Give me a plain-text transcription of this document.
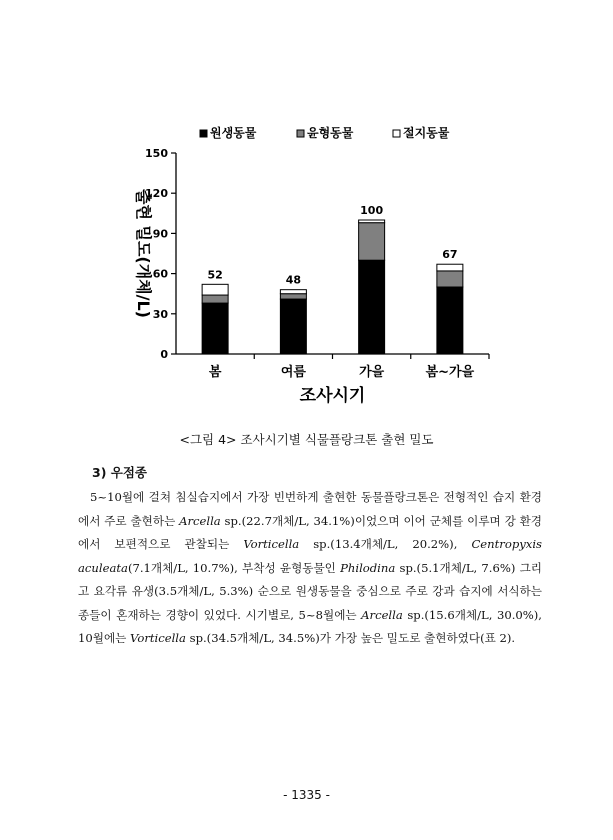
0
30
60
90
120
150
52
봄
48
여름
100
가을
67
봄~가을
조사시기
출현 밀도(개체/L)
원생동물	윤형동물	절지동물
<그림 4> 조사시기별 식물플랑크톤 출현 밀도
3) 우점종
5~10월에 걸쳐 침실습지에서 가장 빈번하게 출현한 동물플랑크톤은 전형적인 습지 환경에서 주로 출현하는 Arcella sp.(22.7개체/L, 34.1%)이었으며 이어 군체를 이루며 강 환경에서 보편적으로 관찰되는 Vorticella sp.(13.4개체/L, 20.2%), Centropyxis aculeata(7.1개체/L, 10.7%), 부착성 윤형동물인 Philodina sp.(5.1개체/L, 7.6%) 그리고 요각류 유생(3.5개체/L, 5.3%) 순으로 원생동물을 중심으로 주로 강과 습지에 서식하는 종들이 혼재하는 경향이 있었다. 시기별로, 5~8월에는 Arcella sp.(15.6개체/L, 30.0%), 10월에는 Vorticella sp.(34.5개체/L, 34.5%)가 가장 높은 밀도로 출현하였다(표 2).
- 1335 -
